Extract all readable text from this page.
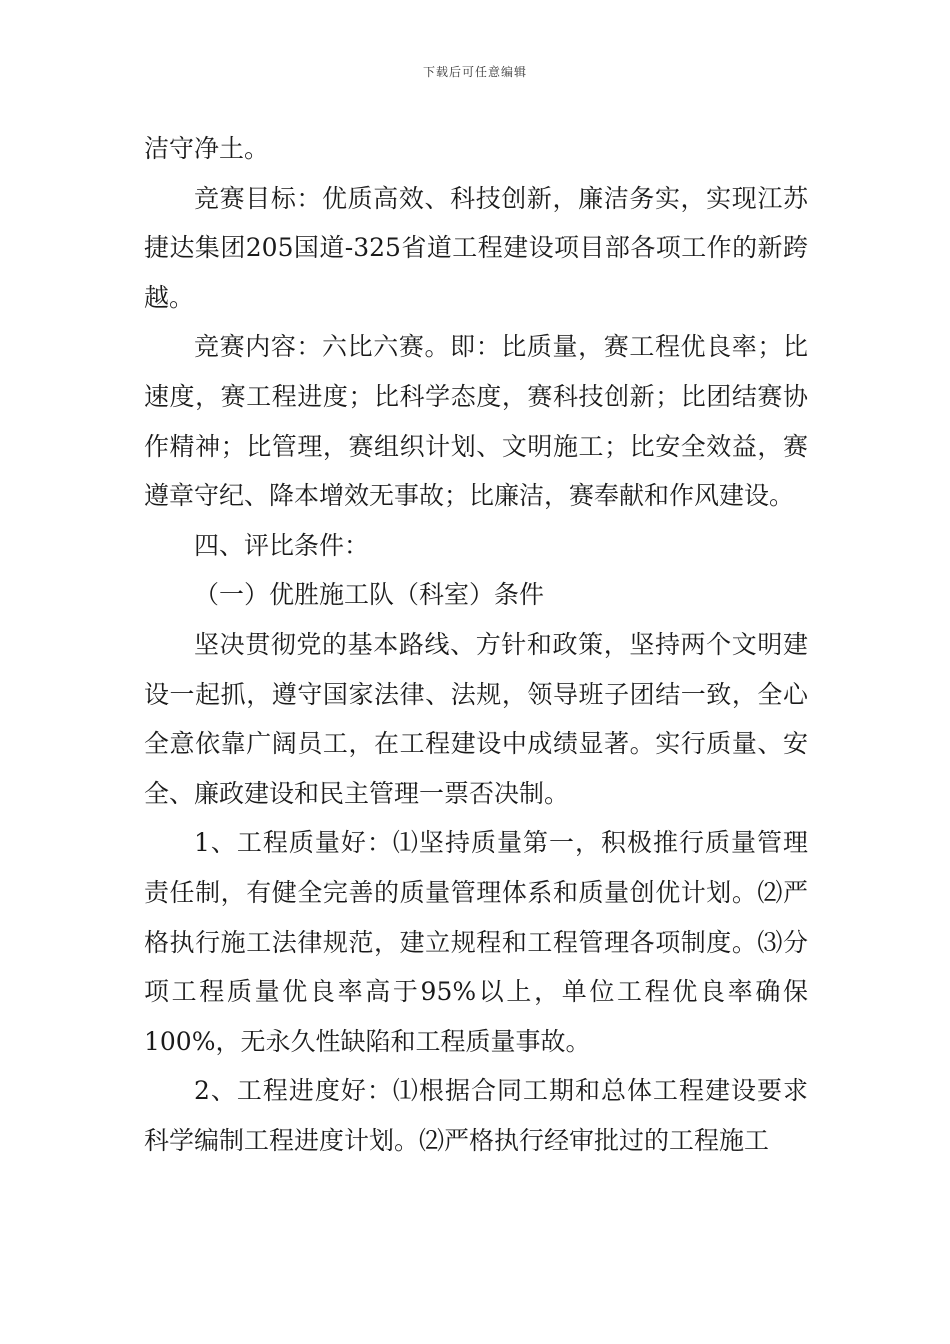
下载后可任意编辑

洁守净土。

竞赛目标：优质高效、科技创新，廉洁务实，实现江苏捷达集团205国道-325省道工程建设项目部各项工作的新跨越。

竞赛内容：六比六赛。即：比质量，赛工程优良率；比速度，赛工程进度；比科学态度，赛科技创新；比团结赛协作精神；比管理，赛组织计划、文明施工；比安全效益，赛遵章守纪、降本增效无事故；比廉洁，赛奉献和作风建设。

四、评比条件：

（一）优胜施工队（科室）条件

坚决贯彻党的基本路线、方针和政策，坚持两个文明建设一起抓，遵守国家法律、法规，领导班子团结一致，全心全意依靠广阔员工，在工程建设中成绩显著。实行质量、安全、廉政建设和民主管理一票否决制。

1、工程质量好：⑴坚持质量第一，积极推行质量管理责任制，有健全完善的质量管理体系和质量创优计划。⑵严格执行施工法律规范，建立规程和工程管理各项制度。⑶分项工程质量优良率高于95%以上，单位工程优良率确保100%，无永久性缺陷和工程质量事故。

2、工程进度好：⑴根据合同工期和总体工程建设要求科学编制工程进度计划。⑵严格执行经审批过的工程施工
